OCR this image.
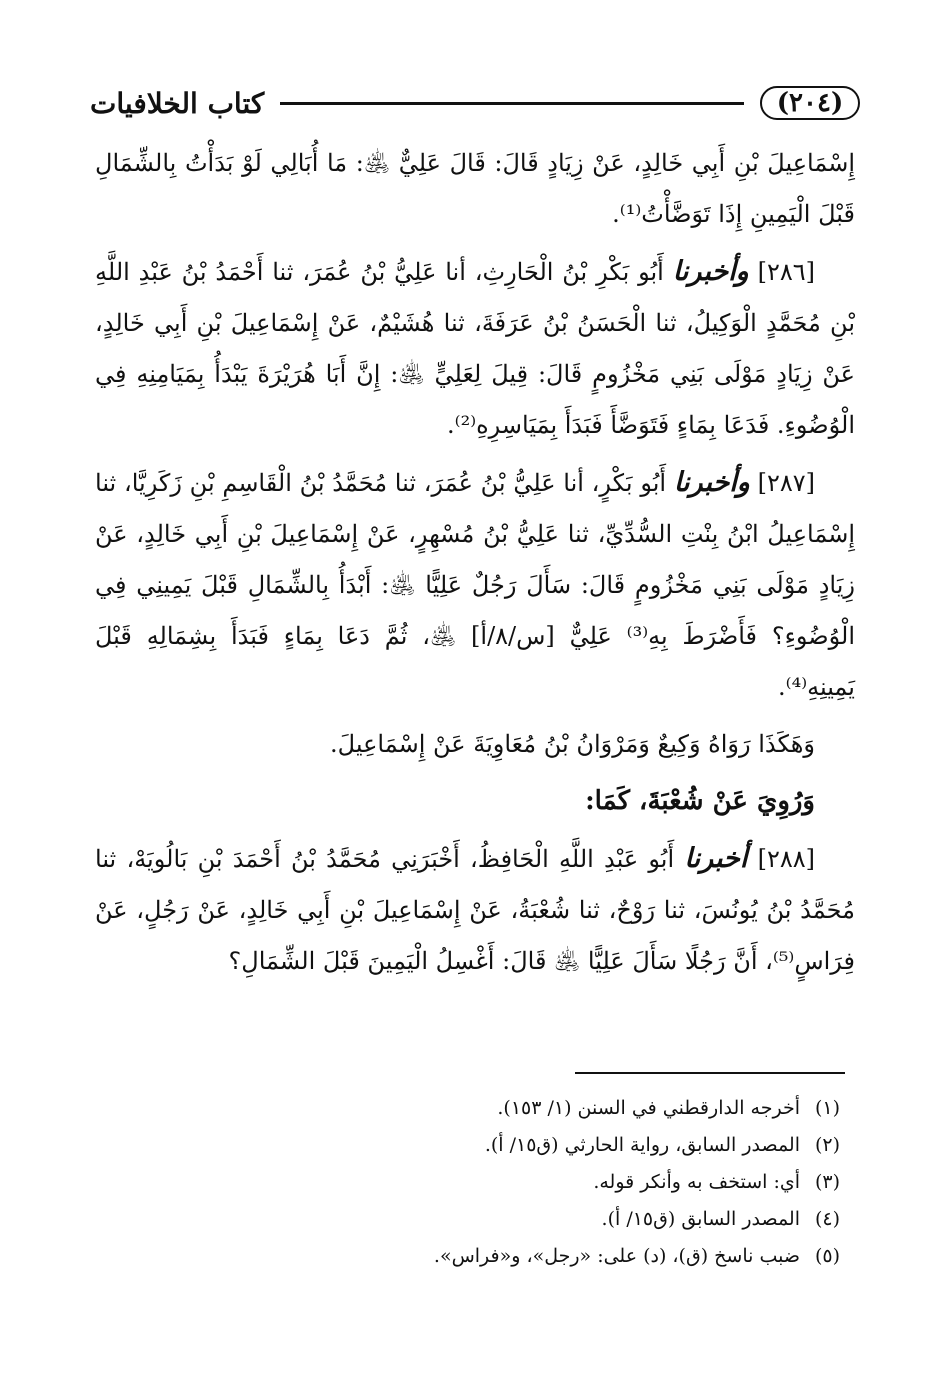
(٢٠٤)
كتاب الخلافيات

إِسْمَاعِيلَ بْنِ أَبِي خَالِدٍ، عَنْ زِيَادٍ قَالَ: قَالَ عَلِيٌّ ﵁: مَا أُبَالِي لَوْ بَدَأْتُ بِالشِّمَالِ قَبْلَ الْيَمِينِ إِذَا تَوَضَّأْتُ⁽¹⁾.

[٢٨٦] وأخبرنا أَبُو بَكْرِ بْنُ الْحَارِثِ، أنا عَلِيُّ بْنُ عُمَرَ، ثنا أَحْمَدُ بْنُ عَبْدِ اللَّهِ بْنِ مُحَمَّدٍ الْوَكِيلُ، ثنا الْحَسَنُ بْنُ عَرَفَةَ، ثنا هُشَيْمٌ، عَنْ إِسْمَاعِيلَ بْنِ أَبِي خَالِدٍ، عَنْ زِيَادٍ مَوْلَى بَنِي مَخْزُومٍ قَالَ: قِيلَ لِعَلِيٍّ ﵁: إِنَّ أَبَا هُرَيْرَةَ يَبْدَأُ بِمَيَامِنِهِ فِي الْوُضُوءِ. فَدَعَا بِمَاءٍ فَتَوَضَّأَ فَبَدَأَ بِمَيَاسِرِهِ⁽²⁾.

[٢٨٧] وأخبرنا أَبُو بَكْرٍ، أنا عَلِيُّ بْنُ عُمَرَ، ثنا مُحَمَّدُ بْنُ الْقَاسِمِ بْنِ زَكَرِيَّا، ثنا إِسْمَاعِيلُ ابْنُ بِنْتِ السُّدِّيِّ، ثنا عَلِيُّ بْنُ مُسْهِرٍ، عَنْ إِسْمَاعِيلَ بْنِ أَبِي خَالِدٍ، عَنْ زِيَادٍ مَوْلَى بَنِي مَخْزُومٍ قَالَ: سَأَلَ رَجُلٌ عَلِيًّا ﵁: أَبْدَأُ بِالشِّمَالِ قَبْلَ يَمِينِي فِي الْوُضُوءِ؟ فَأَضْرَطَ بِهِ⁽³⁾ عَلِيٌّ [س/٨/أ] ﵁، ثُمَّ دَعَا بِمَاءٍ فَبَدَأَ بِشِمَالِهِ قَبْلَ يَمِينِهِ⁽⁴⁾.

وَهَكَذَا رَوَاهُ وَكِيعٌ وَمَرْوَانُ بْنُ مُعَاوِيَةَ عَنْ إِسْمَاعِيلَ.

وَرُوِيَ عَنْ شُعْبَةَ، كَمَا:

[٢٨٨] أخبرنا أَبُو عَبْدِ اللَّهِ الْحَافِظُ، أَخْبَرَنِي مُحَمَّدُ بْنُ أَحْمَدَ بْنِ بَالُويَهْ، ثنا مُحَمَّدُ بْنُ يُونُسَ، ثنا رَوْحٌ، ثنا شُعْبَةُ، عَنْ إِسْمَاعِيلَ بْنِ أَبِي خَالِدٍ، عَنْ رَجُلٍ، عَنْ فِرَاسٍ⁽⁵⁾، أَنَّ رَجُلًا سَأَلَ عَلِيًّا ﵁ قَالَ: أَغْسِلُ الْيَمِينَ قَبْلَ الشِّمَالِ؟

(١)أخرجه الدارقطني في السنن (١/ ١٥٣).

(٢)المصدر السابق، رواية الحارثي (ق١٥/ أ).

(٣)أي: استخف به وأنكر قوله.

(٤)المصدر السابق (ق١٥/ أ).

(٥)ضبب ناسخ (ق)، (د) على: «رجل»، و«فراس».
